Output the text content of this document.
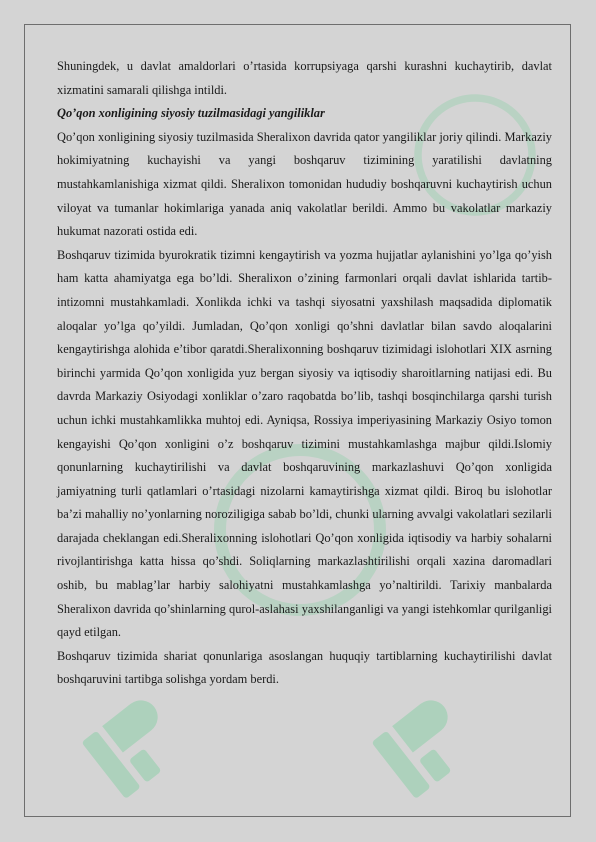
Shuningdek, u davlat amaldorlari o’rtasida korrupsiyaga qarshi kurashni kuchaytirib, davlat xizmatini samarali qilishga intildi.

Qo’qon xonligining siyosiy tuzilmasidagi yangiliklar

Qo’qon xonligining siyosiy tuzilmasida Sheralixon davrida qator yangiliklar joriy qilindi. Markaziy hokimiyatning kuchayishi va yangi boshqaruv tizimining yaratilishi davlatning mustahkamlanishiga xizmat qildi. Sheralixon tomonidan hududiy boshqaruvni kuchaytirish uchun viloyat va tumanlar hokimlariga yanada aniq vakolatlar berildi. Ammo bu vakolatlar markaziy hukumat nazorati ostida edi.

Boshqaruv tizimida byurokratik tizimni kengaytirish va yozma hujjatlar aylanishini yo’lga qo’yish ham katta ahamiyatga ega bo’ldi. Sheralixon o’zining farmonlari orqali davlat ishlarida tartib-intizomni mustahkamladi. Xonlikda ichki va tashqi siyosatni yaxshilash maqsadida diplomatik aloqalar yo’lga qo’yildi. Jumladan, Qo’qon xonligi qo’shni davlatlar bilan savdo aloqalarini kengaytirishga alohida e’tibor qaratdi.Sheralixonning boshqaruv tizimidagi islohotlari XIX asrning birinchi yarmida Qo’qon xonligida yuz bergan siyosiy va iqtisodiy sharoitlarning natijasi edi. Bu davrda Markaziy Osiyodagi xonliklar o’zaro raqobatda bo’lib, tashqi bosqinchilarga qarshi turish uchun ichki mustahkamlikka muhtoj edi. Ayniqsa, Rossiya imperiyasining Markaziy Osiyo tomon kengayishi Qo’qon xonligini o’z boshqaruv tizimini mustahkamlashga majbur qildi.Islomiy qonunlarning kuchaytirilishi va davlat boshqaruvining markazlashuvi Qo’qon xonligida jamiyatning turli qatlamlari o’rtasidagi nizolarni kamaytirishga xizmat qildi. Biroq bu islohotlar ba’zi mahalliy no’yonlarning noroziligiga sabab bo’ldi, chunki ularning avvalgi vakolatlari sezilarli darajada cheklangan edi.Sheralixonning islohotlari Qo’qon xonligida iqtisodiy va harbiy sohalarni rivojlantirishga katta hissa qo’shdi. Soliqlarning markazlashtirilishi orqali xazina daromadlari oshib, bu mablag’lar harbiy salohiyatni mustahkamlashga yo’naltirildi. Tarixiy manbalarda Sheralixon davrida qo’shinlarning qurol-aslahasi yaxshilanganligi va yangi istehkomlar qurilganligi qayd etilgan.

Boshqaruv tizimida shariat qonunlariga asoslangan huquqiy tartiblarning kuchaytirilishi davlat boshqaruvini tartibga solishga yordam berdi.
